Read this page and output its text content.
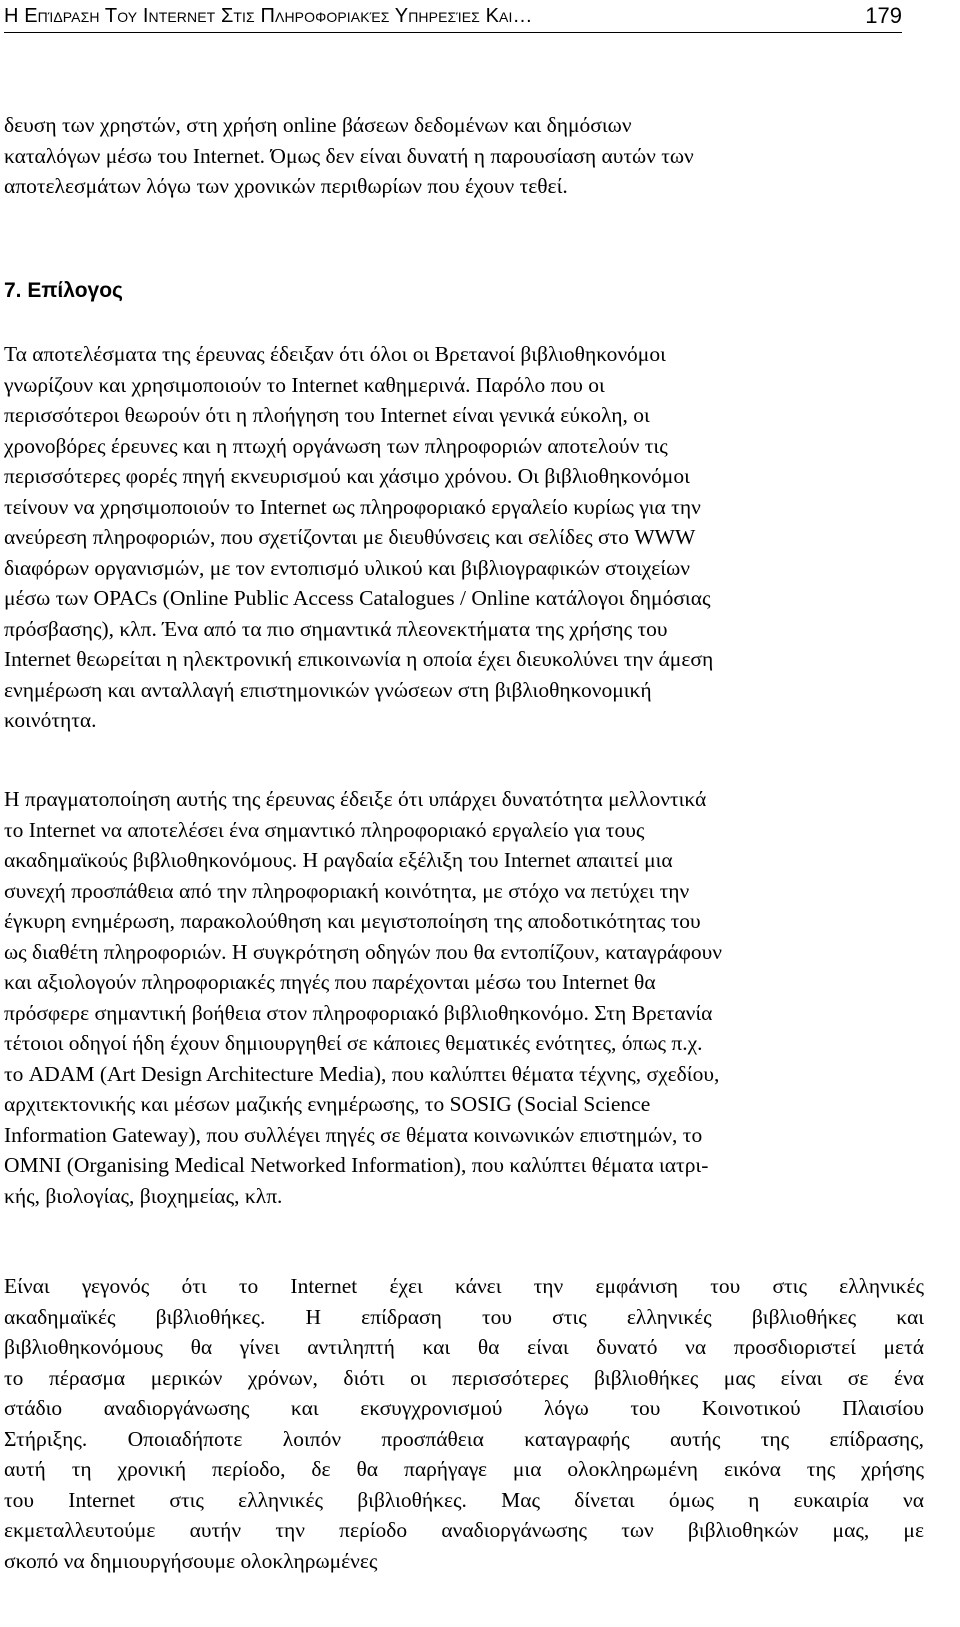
Η Επίδραση Του Internet Στις Πληροφοριακές Υπηρεσίες Και…	179
δευση των χρηστών, στη χρήση online βάσεων δεδομένων και δημόσιων
καταλόγων μέσω του Internet. Όμως δεν είναι δυνατή η παρουσίαση αυτών των
αποτελεσμάτων λόγω των χρονικών περιθωρίων που έχουν τεθεί.
7. Επίλογος
Τα αποτελέσματα της έρευνας έδειξαν ότι όλοι οι Βρετανοί βιβλιοθηκονόμοι
γνωρίζουν και χρησιμοποιούν το Internet καθημερινά. Παρόλο που οι
περισσότεροι θεωρούν ότι η πλοήγηση του Internet είναι γενικά εύκολη, οι
χρονοβόρες έρευνες και η πτωχή οργάνωση των πληροφοριών αποτελούν τις
περισσότερες φορές πηγή εκνευρισμού και χάσιμο χρόνου. Οι βιβλιοθηκονόμοι
τείνουν να χρησιμοποιούν το Internet ως πληροφοριακό εργαλείο κυρίως για την
ανεύρεση πληροφοριών, που σχετίζονται με διευθύνσεις και σελίδες στο WWW
διαφόρων οργανισμών, με τον εντοπισμό υλικού και βιβλιογραφικών στοιχείων
μέσω των OPACs (Online Public Access Catalogues / Online κατάλογοι δημόσιας
πρόσβασης), κλπ. Ένα από τα πιο σημαντικά πλεονεκτήματα της χρήσης του
Internet θεωρείται η ηλεκτρονική επικοινωνία η οποία έχει διευκολύνει την άμεση
ενημέρωση και ανταλλαγή επιστημονικών γνώσεων στη βιβλιοθηκονομική
κοινότητα.
Η πραγματοποίηση αυτής της έρευνας έδειξε ότι υπάρχει δυνατότητα μελλοντικά
το Internet να αποτελέσει ένα σημαντικό πληροφοριακό εργαλείο για τους
ακαδημαϊκούς βιβλιοθηκονόμους. Η ραγδαία εξέλιξη του Internet απαιτεί μια
συνεχή προσπάθεια από την πληροφοριακή κοινότητα, με στόχο να πετύχει την
έγκυρη ενημέρωση, παρακολούθηση και μεγιστοποίηση της αποδοτικότητας του
ως διαθέτη πληροφοριών. Η συγκρότηση οδηγών που θα εντοπίζουν, καταγράφουν
και αξιολογούν πληροφοριακές πηγές που παρέχονται μέσω του Internet θα
πρόσφερε σημαντική βοήθεια στον πληροφοριακό βιβλιοθηκονόμο. Στη Βρετανία
τέτοιοι οδηγοί ήδη έχουν δημιουργηθεί σε κάποιες θεματικές ενότητες, όπως π.χ.
το ADAM (Art Design Architecture Media), που καλύπτει θέματα τέχνης, σχεδίου,
αρχιτεκτονικής και μέσων μαζικής ενημέρωσης, το SOSIG (Social Science
Information Gateway), που συλλέγει πηγές σε θέματα κοινωνικών επιστημών, το
OMNI (Organising Medical Networked Information), που καλύπτει θέματα ιατρι-
κής, βιολογίας, βιοχημείας, κλπ.
Είναι γεγονός ότι το Internet έχει κάνει την εμφάνιση του στις ελληνικές
ακαδημαϊκές βιβλιοθήκες. Η επίδραση του στις ελληνικές βιβλιοθήκες και
βιβλιοθηκονόμους θα γίνει αντιληπτή και θα είναι δυνατό να προσδιοριστεί μετά
το πέρασμα μερικών χρόνων, διότι οι περισσότερες βιβλιοθήκες μας είναι σε ένα
στάδιο αναδιοργάνωσης και εκσυγχρονισμού λόγω του Κοινοτικού Πλαισίου
Στήριξης. Οποιαδήποτε λοιπόν προσπάθεια καταγραφής αυτής της επίδρασης,
αυτή τη χρονική περίοδο, δε θα παρήγαγε μια ολοκληρωμένη εικόνα της χρήσης
του Internet στις ελληνικές βιβλιοθήκες. Μας δίνεται όμως η ευκαιρία να
εκμεταλλευτούμε αυτήν την περίοδο αναδιοργάνωσης των βιβλιοθηκών μας, με
σκοπό να δημιουργήσουμε ολοκληρωμένες
